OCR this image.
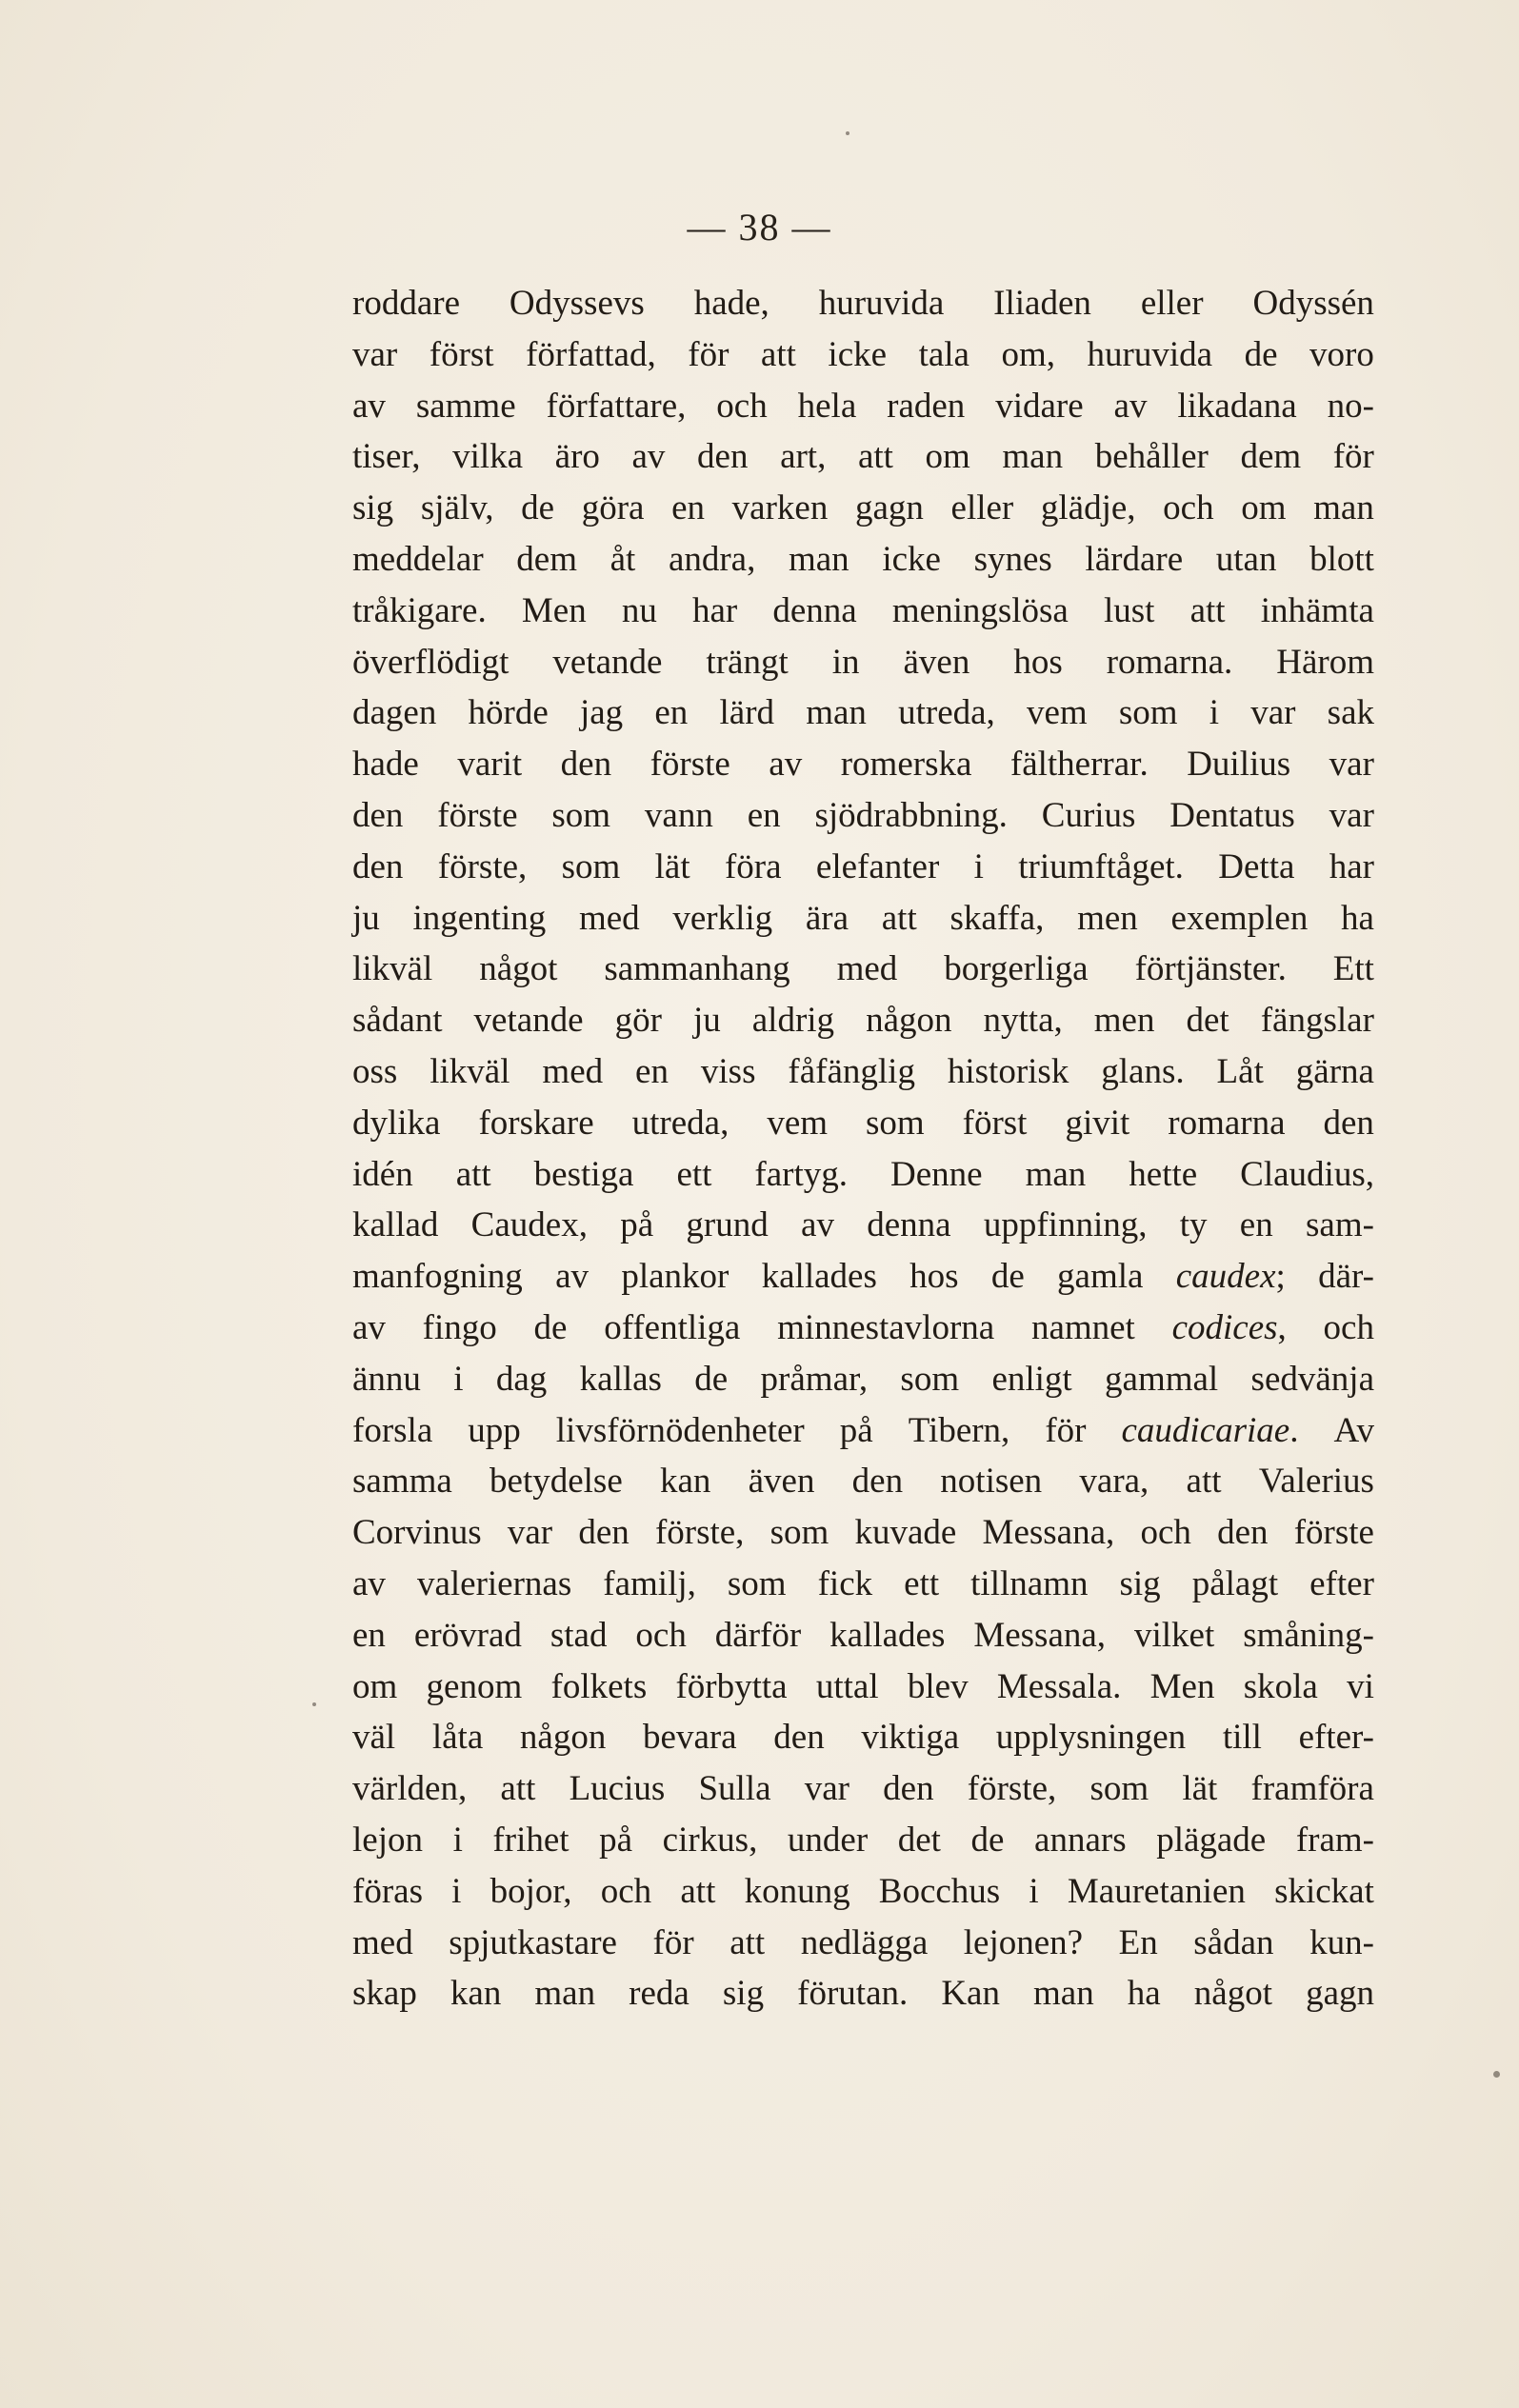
— 38 —
roddare Odyssevs hade, huruvida Iliaden eller Odyssén
var först författad, för att icke tala om, huruvida de voro
av samme författare, och hela raden vidare av likadana no-
tiser, vilka äro av den art, att om man behåller dem för
sig själv, de göra en varken gagn eller glädje, och om man
meddelar dem åt andra, man icke synes lärdare utan blott
tråkigare. Men nu har denna meningslösa lust att inhämta
överflödigt vetande trängt in även hos romarna. Härom
dagen hörde jag en lärd man utreda, vem som i var sak
hade varit den förste av romerska fältherrar. Duilius var
den förste som vann en sjödrabbning. Curius Dentatus var
den förste, som lät föra elefanter i triumftåget. Detta har
ju ingenting med verklig ära att skaffa, men exemplen ha
likväl något sammanhang med borgerliga förtjänster. Ett
sådant vetande gör ju aldrig någon nytta, men det fängslar
oss likväl med en viss fåfänglig historisk glans. Låt gärna
dylika forskare utreda, vem som först givit romarna den
idén att bestiga ett fartyg. Denne man hette Claudius,
kallad Caudex, på grund av denna uppfinning, ty en sam-
manfogning av plankor kallades hos de gamla caudex; där-
av fingo de offentliga minnestavlorna namnet codices, och
ännu i dag kallas de pråmar, som enligt gammal sedvänja
forsla upp livsförnödenheter på Tibern, för caudicariae. Av
samma betydelse kan även den notisen vara, att Valerius
Corvinus var den förste, som kuvade Messana, och den förste
av valeriernas familj, som fick ett tillnamn sig pålagt efter
en erövrad stad och därför kallades Messana, vilket småning-
om genom folkets förbytta uttal blev Messala. Men skola vi
väl låta någon bevara den viktiga upplysningen till efter-
världen, att Lucius Sulla var den förste, som lät framföra
lejon i frihet på cirkus, under det de annars plägade fram-
föras i bojor, och att konung Bocchus i Mauretanien skickat
med spjutkastare för att nedlägga lejonen? En sådan kun-
skap kan man reda sig förutan. Kan man ha något gagn
